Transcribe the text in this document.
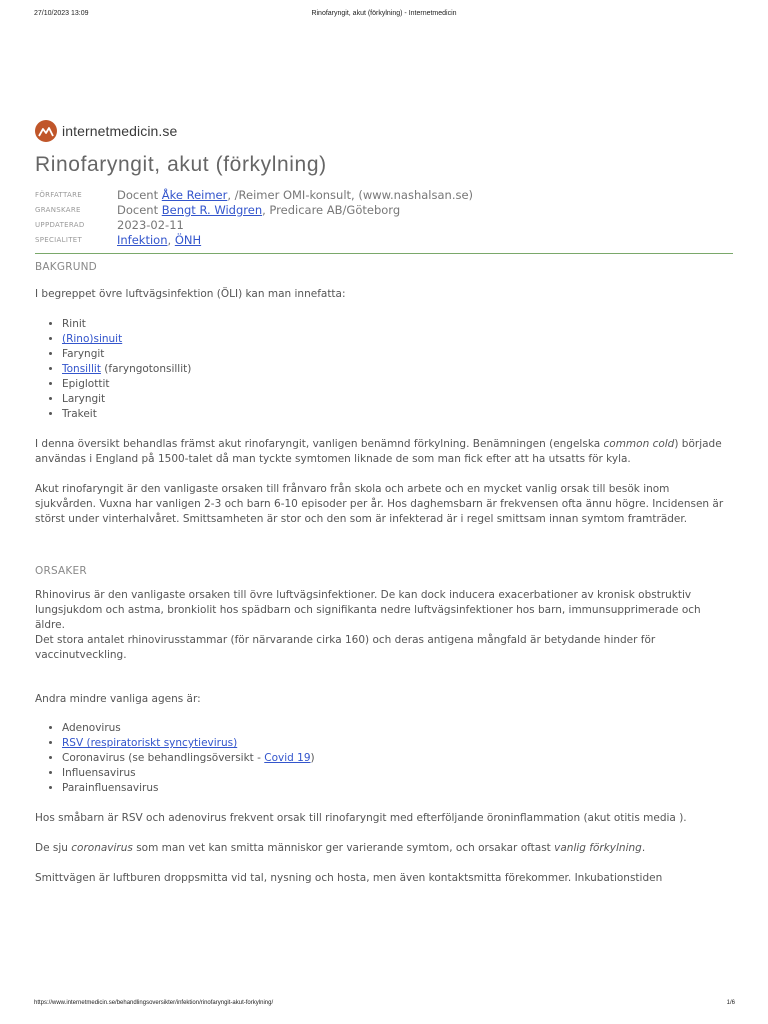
27/10/2023 13:09	Rinofaryngit, akut (förkylning) - Internetmedicin
internetmedicin.se
Rinofaryngit, akut (förkylning)
FÖRFATTARE	Docent Åke Reimer, /Reimer OMI-konsult, (www.nashalsan.se)
GRANSKARE	Docent Bengt R. Widgren, Predicare AB/Göteborg
UPPDATERAD	2023-02-11
SPECIALITET	Infektion, ÖNH
BAKGRUND

I begreppet övre luftvägsinfektion (ÖLI) kan man innefatta:

• Rinit
• (Rino)sinuit
• Faryngit
• Tonsillit (faryngotonsillit)
• Epiglottit
• Laryngit
• Trakeit

I denna översikt behandlas främst akut rinofaryngit, vanligen benämnd förkylning. Benämningen (engelska common cold) började användas i England på 1500-talet då man tyckte symtomen liknade de som man fick efter att ha utsatts för kyla.

Akut rinofaryngit är den vanligaste orsaken till frånvaro från skola och arbete och en mycket vanlig orsak till besök inom sjukvården. Vuxna har vanligen 2-3 och barn 6-10 episoder per år. Hos daghemsbarn är frekvensen ofta ännu högre. Incidensen är störst under vinterhalvåret. Smittsamheten är stor och den som är infekterad är i regel smittsam innan symtom framträder.

ORSAKER

Rhinovirus är den vanligaste orsaken till övre luftvägsinfektioner. De kan dock inducera exacerbationer av kronisk obstruktiv lungsjukdom och astma, bronkiolit hos spädbarn och signifikanta nedre luftvägsinfektioner hos barn, immunsupprimerade och äldre.

Det stora antalet rhinovirusstammar (för närvarande cirka 160) och deras antigena mångfald är betydande hinder för vaccinutveckling.

Andra mindre vanliga agens är:

• Adenovirus
• RSV (respiratoriskt syncytievirus)
• Coronavirus (se behandlingsöversikt - Covid 19)
• Influensavirus
• Parainfluensavirus

Hos småbarn är RSV och adenovirus frekvent orsak till rinofaryngit med efterföljande öroninflammation (akut otitis media ).

De sju coronavirus som man vet kan smitta människor ger varierande symtom, och orsakar oftast vanlig förkylning.

Smittvägen är luftburen droppsmitta vid tal, nysning och hosta, men även kontaktsmitta förekommer. Inkubationstiden

https://www.internetmedicin.se/behandlingsoversikter/infektion/rinofaryngit-akut-forkylning/	1/6
